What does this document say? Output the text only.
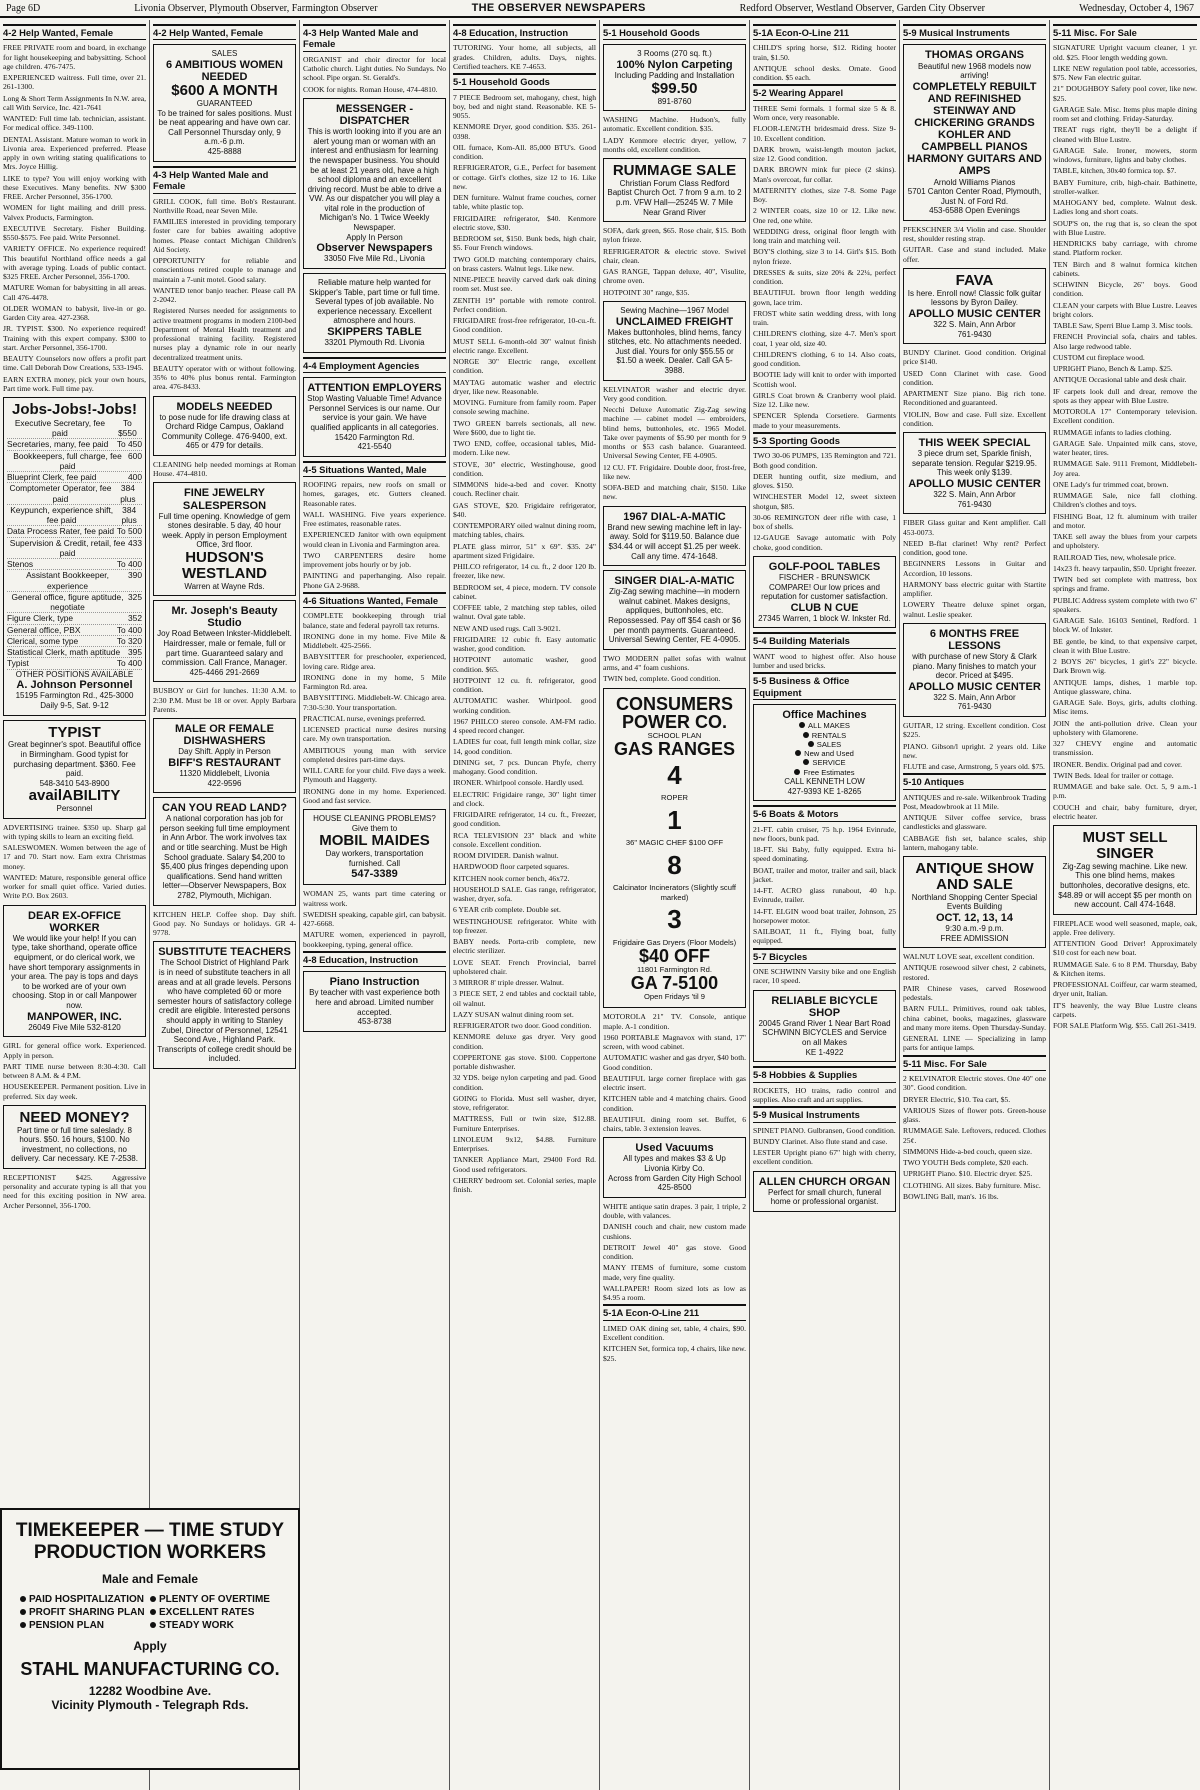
Page 6D	Livonia Observer, Plymouth Observer, Farmington Observer	THE OBSERVER NEWSPAPERS	Redford Observer, Westland Observer, Garden City Observer	Wednesday, October 4, 1967
4-2 Help Wanted, Female
FREE PRIVATE room and board, in exchange for light housekeeping and babysitting. School age children. 476-7475.
EXPERIENCED waitress. Full time, over 21. 261-1300.
Long & Short Term Assignments In N.W. area, call With Service, Inc. 421-7641
WANTED: Full time lab. technician, assistant. For medical office. 349-1100.
DENTAL Assistant. Mature woman to work in Livonia area. Experienced preferred. Please apply in own writing stating qualifications to Mrs. Joyce Hillig.
LIKE to type? You will enjoy working with these Executives. Many benefits. NW $300 FREE. Archer Personnel, 356-1700.
WOMEN for light mailing and drill press. Valvex Products, Farmington.
EXECUTIVE Secretary. Fisher Building. $550-$575. Fee paid. Write Personnel.
VARIETY OFFICE. No experience required! This beautiful Northland office needs a gal with average typing. Loads of public contact. $325 FREE. Archer Personnel, 356-1700.
MATURE Woman for babysitting in all areas. Call 476-4478.
OLDER WOMAN to babysit, live-in or go. Garden City area. 427-2368.
JR. TYPIST. $300. No experience required! Training with this expert company. $300 to start. Archer Personnel, 356-1700.
BEAUTY Counselors now offers a profit part time. Call Deborah Dow Creations, 533-1945.
EARN EXTRA money, pick your own hours, Part time work. Full time pay.
Jobs-Jobs!-Jobs!
Executive Secretary, fee paid
To $550
Secretaries, many, fee paid To 450
Bookkeepers, full charge, fee paid
600
Blueprint Clerk, fee paid	400
Comptometer Operator, fee paid
384 plus
Keypunch, experience shift, fee paid
384 plus
Data Process Rater, fee paid To 500
Supervision & Credit, retail, fee paid
433
Stenos	To 400
Assistant Bookkeeper, experience
390
General office, figure aptitude, negotiate
325
Figure Clerk, type	352
General office, PBX	To 400
Clerical, some type	To 320
Statistical Clerk, math aptitude 395
Typist	To 400
OTHER POSITIONS AVAILABLE
A. Johnson Personnel
15195 Farmington Rd., 425-3000
Daily 9-5, Sat. 9-12
TYPIST
Great beginner's spot. Beautiful office in Birmingham. Good typist for purchasing department. $360. Fee paid.
548-3410 543-8900
availABILITY
Personnel
ADVERTISING trainee. $350 up. Sharp gal with typing skills to learn an exciting field.
SALESWOMEN. Women between the age of 17 and 70. Start now. Earn extra Christmas money.
WANTED: Mature, responsible general office worker for small quiet office. Varied duties. Write P.O. Box 2603.
DEAR EX-OFFICE WORKER
We would like your help! If you can type, take shorthand, operate office equipment, or do clerical work, we have short temporary assignments in your area. The pay is tops and days to be worked are of your own choosing. Stop in or call Manpower now.
MANPOWER, INC.
26049 Five Mile 532-8120
GIRL for general office work. Experienced. Apply in person.
PART TIME nurse between 8:30-4:30. Call between 8 A.M. & 4 P.M.
HOUSEKEEPER. Permanent position. Live in preferred. Six day week.
NEED MONEY?
Part time or full time saleslady. 8 hours. $50. 16 hours, $100. No investment, no collections, no delivery. Car necessary. KE 7-2538.
RECEPTIONIST $425. Aggressive personality and accurate typing is all that you need for this exciting position in NW area. Archer Personnel, 356-1700.
4-2 Help Wanted, Female
SALES
6 AMBITIOUS WOMEN NEEDED
$600 A MONTH
GUARANTEED
To be trained for sales positions. Must be neat appearing and have own car. Call Personnel Thursday only, 9 a.m.-6 p.m.
425-8888
4-3 Help Wanted Male and Female
GRILL COOK, full time. Bob's Restaurant. Northville Road, near Seven Mile.
FAMILIES interested in providing temporary foster care for babies awaiting adoptive homes. Please contact Michigan Children's Aid Society.
OPPORTUNITY for reliable and conscientious retired couple to manage and maintain a 7-unit motel. Good salary.
WANTED tenor banjo teacher. Please call PA 2-2042.
Registered Nurses needed for assignments to active treatment programs in modern 2100-bed Department of Mental Health treatment and professional training facility. Registered nurses play a dynamic role in our nearly decentralized treatment units.
BEAUTY operator with or without following. 35% to 40% plus bonus rental. Farmington area. 476-8433.
MODELS NEEDED
to pose nude for life drawing class at Orchard Ridge Campus, Oakland Community College. 476-9400, ext. 465 or 479 for details.
CLEANING help needed mornings at Roman House. 474-4810.
FINE JEWELRY SALESPERSON
Full time opening. Knowledge of gem stones desirable. 5 day, 40 hour week. Apply in person Employment Office, 3rd floor.
HUDSON'S WESTLAND
Warren at Wayne Rds.
Mr. Joseph's Beauty Studio
Joy Road Between Inkster-Middlebelt. Hairdresser, male or female, full or part time. Guaranteed salary and commission. Call France, Manager.
425-4466 291-2669
BUSBOY or Girl for lunches. 11:30 A.M. to 2:30 P.M. Must be 18 or over. Apply Barbara Parents.
MALE OR FEMALE DISHWASHERS
Day Shift. Apply in Person
BIFF'S RESTAURANT
11320 Middlebelt, Livonia
422-9596
CAN YOU READ LAND?
A national corporation has job for person seeking full time employment in Ann Arbor. The work involves tax and or title searching. Must be High School graduate. Salary $4,200 to $5,400 plus fringes depending upon qualifications. Send hand written letter—Observer Newspapers, Box 2782, Plymouth, Michigan.
KITCHEN HELP. Coffee shop. Day shift. Good pay. No Sundays or holidays. GR 4-9778.
SUBSTITUTE TEACHERS
The School District of Highland Park is in need of substitute teachers in all areas and at all grade levels. Persons who have completed 60 or more semester hours of satisfactory college credit are eligible. Interested persons should apply in writing to Stanley Zubel, Director of Personnel, 12541 Second Ave., Highland Park. Transcripts of college credit should be included.
4-3 Help Wanted Male and Female
ORGANIST and choir director for local Catholic church. Light duties. No Sundays. No school. Pipe organ. St. Gerald's.
COOK for nights. Roman House, 474-4810.
MESSENGER -DISPATCHER
This is worth looking into if you are an alert young man or woman with an interest and enthusiasm for learning the newspaper business. You should be at least 21 years old, have a high school diploma and an excellent driving record. Must be able to drive a VW. As our dispatcher you will play a vital role in the production of Michigan's No. 1 Twice Weekly Newspaper.
Apply In Person
Observer Newspapers
33050 Five Mile Rd., Livonia
Reliable mature help wanted for Skipper's Table, part time or full time. Several types of job available. No experience necessary. Excellent atmosphere and hours.
SKIPPERS TABLE
33201 Plymouth Rd. Livonia
4-4 Employment Agencies
ATTENTION EMPLOYERS
Stop Wasting Valuable Time! Advance Personnel Services is our name. Our service is your gain. We have qualified applicants in all categories.
15420 Farmington Rd.
421-5540
4-5 Situations Wanted, Male
ROOFING repairs, new roofs on small or homes, garages, etc. Gutters cleaned. Reasonable rates.
WALL WASHING. Five years experience. Free estimates, reasonable rates.
EXPERIENCED Janitor with own equipment would clean in Livonia and Farmington area.
TWO CARPENTERS desire home improvement jobs hourly or by job.
PAINTING and paperhanging. Also repair. Phone GA 2-9688.
4-6 Situations Wanted, Female
COMPLETE bookkeeping through trial balance, state and federal payroll tax returns.
IRONING done in my home. Five Mile & Middlebelt. 425-2566.
BABYSITTER for preschooler, experienced, loving care. Ridge area.
IRONING done in my home, 5 Mile Farmington Rd. area.
BABYSITTING. Middlebelt-W. Chicago area. 7:30-5:30. Your transportation.
PRACTICAL nurse, evenings preferred.
LICENSED practical nurse desires nursing care. My own transportation.
AMBITIOUS young man with service completed desires part-time days.
WILL CARE for your child. Five days a week. Plymouth and Haggerty.
IRONING done in my home. Experienced. Good and fast service.
HOUSE CLEANING PROBLEMS?
Give them to
MOBIL MAIDES
Day workers, transportation furnished. Call
547-3389
WOMAN 25, wants part time catering or waitress work.
SWEDISH speaking, capable girl, can babysit. 427-6668.
MATURE women, experienced in payroll, bookkeeping, typing, general office.
4-8 Education, Instruction
Piano Instruction
By teacher with vast experience both here and abroad. Limited number accepted.
453-8738
4-8 Education, Instruction
TUTORING. Your home, all subjects, all grades. Children, adults. Days, nights. Certified teachers. KE 7-4653.
5-1 Household Goods
7 PIECE Bedroom set, mahogany, chest, high boy, bed and night stand. Reasonable. KE 5-9055.
KENMORE Dryer, good condition. $35. 261-0398.
OIL furnace, Kom-All. 85,000 BTU's. Good condition.
REFRIGERATOR, G.E., Perfect for basement or cottage. Girl's clothes, size 12 to 16. Like new.
DEN furniture. Walnut frame couches, corner table, white plastic top.
FRIGIDAIRE refrigerator, $40. Kenmore electric stove, $30.
BEDROOM set, $150. Bunk beds, high chair, $5. Four French windows.
TWO GOLD matching contemporary chairs, on brass casters. Walnut legs. Like new.
NINE-PIECE heavily carved dark oak dining room set. Must see.
ZENITH 19" portable with remote control. Perfect condition.
FRIGIDAIRE frost-free refrigerator, 10-cu.-ft. Good condition.
MUST SELL 6-month-old 30" walnut finish electric range. Excellent.
NORGE 30" Electric range, excellent condition.
MAYTAG automatic washer and electric dryer, like new. Reasonable.
MOVING. Furniture from family room. Paper console sewing machine.
TWO GREEN barrels sectionals, all new. Were $600, due to light tie.
TWO END, coffee, occasional tables, Mid-modern. Like new.
STOVE, 30" electric, Westinghouse, good condition.
SIMMONS hide-a-bed and cover. Knotty couch. Recliner chair.
GAS STOVE, $20. Frigidaire refrigerator, $40.
CONTEMPORARY oiled walnut dining room, matching tables, chairs.
PLATE glass mirror, 51" x 69". $35. 24" apartment sized Frigidaire.
PHILCO refrigerator, 14 cu. ft., 2 door 120 lb. freezer, like new.
BEDROOM set, 4 piece, modern. TV console cabinet.
COFFEE table, 2 matching step tables, oiled walnut. Oval gate table.
NEW AND used rugs. Call 3-9021.
FRIGIDAIRE 12 cubic ft. Easy automatic washer, good condition.
HOTPOINT automatic washer, good condition. $65.
HOTPOINT 12 cu. ft. refrigerator, good condition.
AUTOMATIC washer. Whirlpool. good working condition.
1967 PHILCO stereo console. AM-FM radio. 4 speed record changer.
LADIES fur coat, full length mink collar, size 14, good condition.
DINING set, 7 pcs. Duncan Phyfe, cherry mahogany. Good condition.
IRONER. Whirlpool console. Hardly used.
ELECTRIC Frigidaire range, 30" light timer and clock.
FRIGIDAIRE refrigerator, 14 cu. ft., Freezer, good condition.
RCA TELEVISION 23" black and white console. Excellent condition.
ROOM DIVIDER. Danish walnut.
HARDWOOD floor carpeted squares.
KITCHEN nook corner bench, 46x72.
HOUSEHOLD SALE. Gas range, refrigerator, washer, dryer, sofa.
6 YEAR crib complete. Double set.
WESTINGHOUSE refrigerator. White with top freezer.
BABY needs. Porta-crib complete, new electric sterilizer.
LOVE SEAT. French Provincial, barrel upholstered chair.
3 MIRROR 8' triple dresser. Walnut.
3 PIECE SET, 2 end tables and cocktail table, oil walnut.
LAZY SUSAN walnut dining room set.
REFRIGERATOR two door. Good condition.
KENMORE deluxe gas dryer. Very good condition.
COPPERTONE gas stove. $100. Coppertone portable dishwasher.
32 YDS. beige nylon carpeting and pad. Good condition.
GOING to Florida. Must sell washer, dryer, stove, refrigerator.
MATTRESS, Full or twin size, $12.88. Furniture Enterprises.
LINOLEUM 9x12, $4.88. Furniture Enterprises.
TANKER Appliance Mart, 29400 Ford Rd. Good used refrigerators.
CHERRY bedroom set. Colonial series, maple finish.
5-1 Household Goods
3 Rooms (270 sq. ft.)
100% Nylon Carpeting
Including Padding and Installation
$99.50
891-8760
WASHING Machine. Hudson's, fully automatic. Excellent condition. $35.
LADY Kenmore electric dryer, yellow, 7 months old, excellent condition.
RUMMAGE SALE
Christian Forum Class Redford Baptist Church Oct. 7 from 9 a.m. to 2 p.m. VFW Hall—25245 W. 7 Mile Near Grand River
SOFA, dark green, $65. Rose chair, $15. Both nylon frieze.
REFRIGERATOR & electric stove. Swivel chair, clean.
GAS RANGE, Tappan deluxe, 40", Visulite, chrome oven.
HOTPOINT 30" range, $35.
Sewing Machine—1967 Model
UNCLAIMED FREIGHT
Makes buttonholes, blind hems, fancy stitches, etc. No attachments needed. Just dial. Yours for only $55.55 or $1.50 a week. Dealer. Call GA 5-3988.
KELVINATOR washer and electric dryer. Very good condition.
Necchi Deluxe Automatic Zig-Zag sewing machine — cabinet model — embroiders, blind hems, buttonholes, etc. 1965 Model. Take over payments of $5.90 per month for 9 months or $53 cash balance. Guaranteed. Universal Sewing Center, FE 4-0905.
12 CU. FT. Frigidaire. Double door, frost-free, like new.
SOFA-BED and matching chair, $150. Like new.
1967 DIAL-A-MATIC
Brand new sewing machine left in lay-away. Sold for $119.50. Balance due $34.44 or will accept $1.25 per week. Call any time. 474-1648.
SINGER DIAL-A-MATIC
Zig-Zag sewing machine—in modern walnut cabinet. Makes designs, appliques, buttonholes, etc. Repossessed. Pay off $54 cash or $6 per month payments. Guaranteed. Universal Sewing Center, FE 4-0905.
TWO MODERN pallet sofas with walnut arms, and 4" foam cushions.
TWIN bed, complete. Good condition.
CONSUMERS POWER CO.
SCHOOL PLAN
GAS RANGES
4
ROPER
1
36" MAGIC CHEF $100 OFF
8
Calcinator Incinerators (Slightly scuff marked)
3
Frigidaire Gas Dryers (Floor Models)
$40 OFF
11801 Farmington Rd.
GA 7-5100
Open Fridays 'til 9
MOTOROLA 21" TV. Console, antique maple. A-1 condition.
1960 PORTABLE Magnavox with stand, 17" screen, with wood cabinet.
AUTOMATIC washer and gas dryer, $40 both. Good condition.
BEAUTIFUL large corner fireplace with gas electric insert.
KITCHEN table and 4 matching chairs. Good condition.
BEAUTIFUL dining room set. Buffet, 6 chairs, table. 3 extension leaves.
Used Vacuums
All types and makes $3 & Up
Livonia Kirby Co.
Across from Garden City High School
425-8500
WHITE antique satin drapes. 3 pair, 1 triple, 2 double, with valances.
DANISH couch and chair, new custom made cushions.
DETROIT Jewel 40" gas stove. Good condition.
MANY ITEMS of furniture, some custom made, very fine quality.
WALLPAPER! Room sized lots as low as $4.95 a room.
5-1A Econ-O-Line 211
LIMED OAK dining set, table, 4 chairs, $90. Excellent condition.
KITCHEN Set, formica top, 4 chairs, like new. $25.
5-1A Econ-O-Line 211
CHILD'S spring horse, $12. Riding hooter train, $1.50.
ANTIQUE school desks. Ornate. Good condition. $5 each.
5-2 Wearing Apparel
THREE Semi formals. 1 formal size 5 & 8. Worn once, very reasonable.
FLOOR-LENGTH bridesmaid dress. Size 9-10. Excellent condition.
DARK brown, waist-length mouton jacket, size 12. Good condition.
DARK BROWN mink fur piece (2 skins). Man's overcoat, fur collar.
MATERNITY clothes, size 7-8. Some Page Boy.
2 WINTER coats, size 10 or 12. Like new. One red, one white.
WEDDING dress, original floor length with long train and matching veil.
BOY'S clothing, size 3 to 14. Girl's $15. Both nylon frieze.
DRESSES & suits, size 20¼ & 22¼, perfect condition.
BEAUTIFUL brown floor length wedding gown, lace trim.
FROST white satin wedding dress, with long train.
CHILDREN'S clothing, size 4-7. Men's sport coat, 1 year old, size 40.
CHILDREN'S clothing, 6 to 14. Also coats, good condition.
BOOTIE lady will knit to order with imported Scottish wool.
GIRLS Coat brown & Cranberry wool plaid. Size 12. Like new.
SPENCER Splenda Corsetiere. Garments made to your measurements.
5-3 Sporting Goods
TWO 30-06 PUMPS, 135 Remington and 721. Both good condition.
DEER hunting outfit, size medium, and gloves. $150.
WINCHESTER Model 12, sweet sixteen shotgun, $85.
30-06 REMINGTON deer rifle with case, 1 box of shells.
12-GAUGE Savage automatic with Poly choke, good condition.
GOLF-POOL TABLES
FISCHER - BRUNSWICK
COMPARE! Our low prices and reputation for customer satisfaction.
CLUB N CUE
27345 Warren, 1 block W. Inkster Rd.
5-4 Building Materials
WANT wood to highest offer. Also house lumber and used bricks.
5-5 Business & Office Equipment
Office Machines
ALL MAKES
RENTALS
SALES
New and Used
SERVICE
Free Estimates
CALL KENNETH LOW
427-9393 KE 1-8265
5-6 Boats & Motors
21-FT. cabin cruiser, 75 h.p. 1964 Evinrude, new floors, bunk pad.
18-FT. Ski Baby, fully equipped. Extra hi-speed dominating.
BOAT, trailer and motor, trailer and sail, black jacket.
14-FT. ACRO glass runabout, 40 h.p. Evinrude, trailer.
14-FT. ELGIN wood boat trailer, Johnson, 25 horsepower motor.
SAILBOAT, 11 ft., Flying boat, fully equipped.
5-7 Bicycles
ONE SCHWINN Varsity bike and one English racer, 10 speed.
RELIABLE BICYCLE SHOP
20045 Grand River 1 Near Bart Road
SCHWINN BICYCLES and Service on all Makes
KE 1-4922
5-8 Hobbies & Supplies
ROCKETS, HO trains, radio control and supplies. Also craft and art supplies.
5-9 Musical Instruments
SPINET PIANO. Gulbransen, Good condition.
BUNDY Clarinet. Also flute stand and case.
LESTER Upright piano 67" high with cherry, excellent condition.
ALLEN CHURCH ORGAN
Perfect for small church, funeral home or professional organist.
5-9 Musical Instruments
THOMAS ORGANS
Beautiful new 1968 models now arriving!
COMPLETELY REBUILT AND REFINISHED
STEINWAY AND CHICKERING GRANDS
KOHLER AND CAMPBELL PIANOS
HARMONY GUITARS AND AMPS
Arnold Williams Pianos
5701 Canton Center Road, Plymouth, Just N. of Ford Rd.
453-6588 Open Evenings
PFEKSCHNER 3/4 Violin and case. Shoulder rest, shoulder resting strap.
GUITAR. Case and stand included. Make offer.
FAVA
Is here. Enroll now! Classic folk guitar lessons by Byron Dailey.
APOLLO MUSIC CENTER
322 S. Main, Ann Arbor
761-9430
BUNDY Clarinet. Good condition. Original price $140.
USED Conn Clarinet with case. Good condition.
APARTMENT Size piano. Big rich tone. Reconditioned and guaranteed.
VIOLIN, Bow and case. Full size. Excellent condition.
THIS WEEK SPECIAL
3 piece drum set, Sparkle finish, separate tension. Regular $219.95. This week only $139.
APOLLO MUSIC CENTER
322 S. Main, Ann Arbor
761-9430
FIBER Glass guitar and Kent amplifier. Call 453-0073.
NEED B-flat clarinet! Why rent? Perfect condition, good tone.
BEGINNERS Lessons in Guitar and Accordion, 10 lessons.
HARMONY bass electric guitar with Startite amplifier.
LOWERY Theatre deluxe spinet organ, walnut. Leslie speaker.
6 MONTHS FREE LESSONS
with purchase of new Story & Clark piano. Many finishes to match your decor. Priced at $495.
APOLLO MUSIC CENTER
322 S. Main, Ann Arbor
761-9430
GUITAR, 12 string. Excellent condition. Cost $225.
PIANO. Gibson/l upright. 2 years old. Like new.
FLUTE and case, Armstrong, 5 years old. $75.
5-10 Antiques
ANTIQUES and re-sale. Wilkenbrook Trading Post, Meadowbrook at 11 Mile.
ANTIQUE Silver coffee service, brass candlesticks and glassware.
CABBAGE fish set, balance scales, ship lantern, mahogany table.
ANTIQUE SHOW AND SALE
Northland Shopping Center Special Events Building
OCT. 12, 13, 14
9:30 a.m.-9 p.m.
FREE ADMISSION
WALNUT LOVE seat, excellent condition.
ANTIQUE rosewood silver chest, 2 cabinets, restored.
PAIR Chinese vases, carved Rosewood pedestals.
BARN FULL. Primitives, round oak tables, china cabinet, books, magazines, glassware and many more items. Open Thursday-Sunday.
GENERAL LINE — Specializing in lamp parts for antique lamps.
5-11 Misc. For Sale
2 KELVINATOR Electric stoves. One 40" one 30". Good condition.
DRYER Electric, $10. Tea cart, $5.
VARIOUS Sizes of flower pots. Green-house glass.
RUMMAGE Sale. Leftovers, reduced. Clothes 25¢.
SIMMONS Hide-a-bed couch, queen size.
TWO YOUTH Beds complete, $20 each.
UPRIGHT Piano. $10. Electric dryer. $25.
CLOTHING. All sizes. Baby furniture. Misc.
BOWLING Ball, man's. 16 lbs.
5-11 Misc. For Sale
SIGNATURE Upright vacuum cleaner, 1 yr. old. $25. Floor length wedding gown.
LIKE NEW regulation pool table, accessories, $75. New Fan electric guitar.
21" DOUGHBOY Safety pool cover, like new. $25.
GARAGE Sale. Misc. Items plus maple dining room set and clothing. Friday-Saturday.
TREAT rugs right, they'll be a delight if cleaned with Blue Lustre.
GARAGE Sale. Ironer, mowers, storm windows, furniture, lights and baby clothes.
TABLE, kitchen, 30x40 formica top. $7.
BABY Furniture, crib, high-chair. Bathinette, stroller-walker.
MAHOGANY bed, complete. Walnut desk. Ladies long and short coats.
SOUP'S on, the rug that is, so clean the spot with Blue Lustre.
HENDRICKS baby carriage, with chrome stand. Platform rocker.
TEN Birch and 8 walnut formica kitchen cabinets.
SCHWINN Bicycle, 26" boys. Good condition.
CLEAN your carpets with Blue Lustre. Leaves bright colors.
TABLE Saw, Sperri Blue Lamp 3. Misc tools.
FRENCH Provincial sofa, chairs and tables. Also large redwood table.
CUSTOM cut fireplace wood.
UPRIGHT Piano, Bench & Lamp. $25.
ANTIQUE Occasional table and desk chair.
IF carpets look dull and drear, remove the spots as they appear with Blue Lustre.
MOTOROLA 17" Contemporary television. Excellent condition.
RUMMAGE infants to ladies clothing.
GARAGE Sale. Unpainted milk cans, stove, water heater, tires.
RUMMAGE Sale. 9111 Fremont, Middlebelt-Joy area.
ONE Lady's fur trimmed coat, brown.
RUMMAGE Sale, nice fall clothing. Children's clothes and toys.
FISHING Boat, 12 ft. aluminum with trailer and motor.
TAKE sell away the blues from your carpets and upholstery.
RAILROAD Ties, new, wholesale price.
14x23 ft. heavy tarpaulin, $50. Upright freezer.
TWIN bed set complete with mattress, box springs and frame.
PUBLIC Address system complete with two 6" speakers.
GARAGE Sale. 16103 Sentinel, Redford. 1 block W. of Inkster.
BE gentle, be kind, to that expensive carpet, clean it with Blue Lustre.
2 BOYS 26" bicycles, 1 girl's 22" bicycle. Dark Brown wig.
ANTIQUE lamps, dishes, 1 marble top. Antique glassware, china.
GARAGE Sale. Boys, girls, adults clothing. Misc items.
JOIN the anti-pollution drive. Clean your upholstery with Glamorene.
327 CHEVY engine and automatic transmission.
IRONER. Bendix. Original pad and cover.
TWIN Beds. Ideal for trailer or cottage.
RUMMAGE and bake sale. Oct. 5, 9 a.m.-1 p.m.
COUCH and chair, baby furniture, dryer, electric heater.
MUST SELL SINGER
Zig-Zag sewing machine. Like new. This one blind hems, makes buttonholes, decorative designs, etc. $48.89 or will accept $5 per month on new account. Call 474-1648.
FIREPLACE wood well seasoned, maple, oak, apple. Free delivery.
ATTENTION Good Driver! Approximately $10 cost for each new boat.
RUMMAGE Sale. 6 to 8 P.M. Thursday, Baby & Kitchen items.
PROFESSIONAL Coiffeur, car warm steamed, dryer unit, Italian.
IT'S heavenly, the way Blue Lustre cleans carpets.
FOR SALE Platform Wig. $55. Call 261-3419.
TIMEKEEPER — TIME STUDY PRODUCTION WORKERS
Male and Female
PAID HOSPITALIZATION	PLENTY OF OVERTIME
PROFIT SHARING PLAN	EXCELLENT RATES
PENSION PLAN	STEADY WORK
Apply
STAHL MANUFACTURING CO.
12282 Woodbine Ave.
Vicinity Plymouth - Telegraph Rds.
